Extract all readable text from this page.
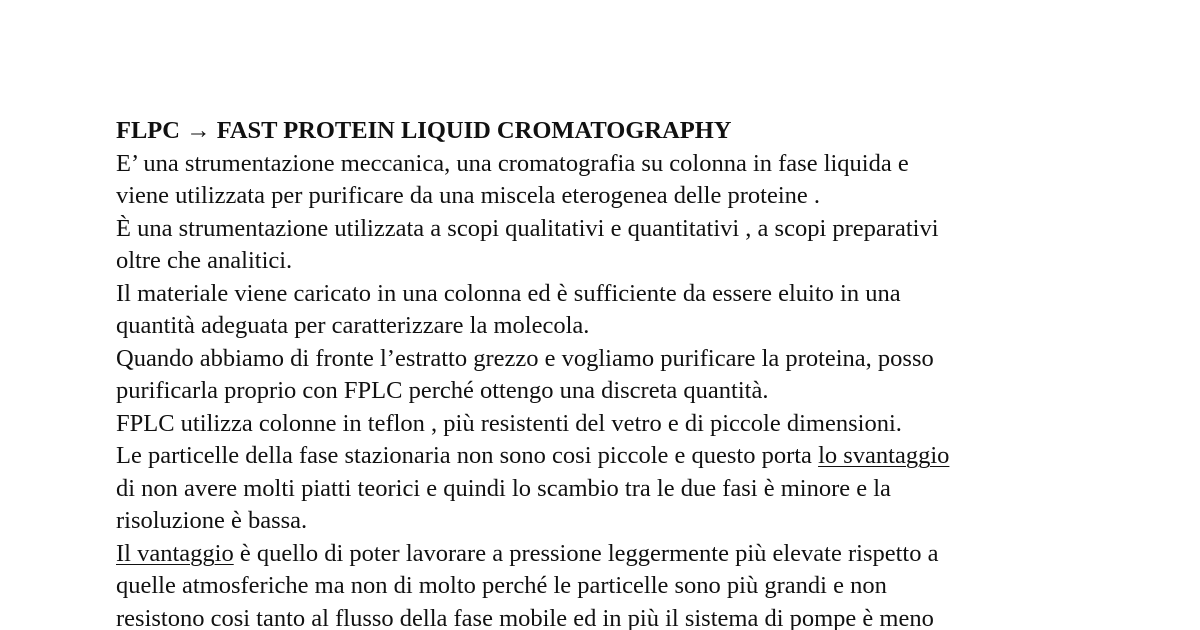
FLPC → FAST PROTEIN LIQUID CROMATOGRAPHY
E’ una strumentazione meccanica, una cromatografia su colonna in fase liquida e
viene utilizzata per purificare da una miscela eterogenea delle proteine .
È una strumentazione utilizzata a scopi qualitativi e quantitativi , a scopi preparativi
oltre che analitici.
Il materiale viene caricato in una colonna ed è sufficiente da essere eluito in una
quantità adeguata per caratterizzare la molecola.
Quando abbiamo di fronte l’estratto grezzo e vogliamo purificare la proteina, posso
purificarla proprio con FPLC perché ottengo una discreta quantità.
FPLC utilizza colonne in teflon , più resistenti del vetro e di piccole dimensioni.
Le particelle della fase stazionaria non sono cosi piccole e questo porta lo svantaggio
di non avere molti piatti teorici e quindi lo scambio tra le due fasi è minore e la
risoluzione è bassa.
Il vantaggio è quello di poter lavorare a pressione leggermente più elevate rispetto a
quelle atmosferiche ma non di molto perché le particelle sono più grandi e non
resistono cosi tanto al flusso della fase mobile ed in più il sistema di pompe è meno
